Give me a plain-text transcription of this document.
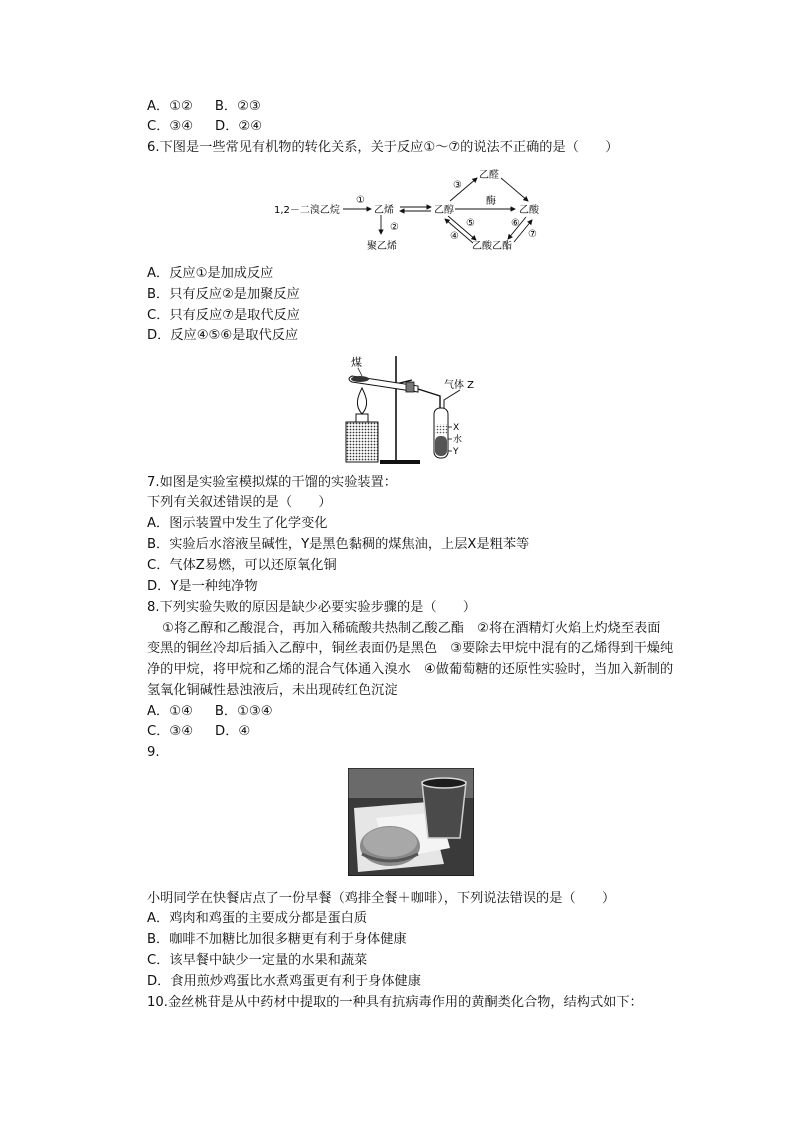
A．①② B．②③
C．③④ D．②④
6.下图是一些常见有机物的转化关系，关于反应①～⑦的说法不正确的是（　　）
1,2－二溴乙烷	乙烯
聚乙烯
乙醇
乙醛
乙酸
乙酸乙酯
酶
①
②
③
④
⑤	⑥
⑦
A．反应①是加成反应
B．只有反应②是加聚反应
C．只有反应⑦是取代反应
D．反应④⑤⑥是取代反应
煤
气体 Z
X
水
Y
7.如图是实验室模拟煤的干馏的实验装置：
下列有关叙述错误的是（　　）
A．图示装置中发生了化学变化
B．实验后水溶液呈碱性，Y是黑色黏稠的煤焦油，上层X是粗苯等
C．气体Z易燃，可以还原氧化铜
D．Y是一种纯净物
8.下列实验失败的原因是缺少必要实验步骤的是（　　）
①将乙醇和乙酸混合，再加入稀硫酸共热制乙酸乙酯　②将在酒精灯火焰上灼烧至表面
变黑的铜丝冷却后插入乙醇中，铜丝表面仍是黑色　③要除去甲烷中混有的乙烯得到干燥纯
净的甲烷，将甲烷和乙烯的混合气体通入溴水　④做葡萄糖的还原性实验时，当加入新制的
氢氧化铜碱性悬浊液后，未出现砖红色沉淀
A．①④ B．①③④
C．③④ D．④
9.
小明同学在快餐店点了一份早餐（鸡排全餐＋咖啡），下列说法错误的是（　　）
A．鸡肉和鸡蛋的主要成分都是蛋白质
B．咖啡不加糖比加很多糖更有利于身体健康
C．该早餐中缺少一定量的水果和蔬菜
D．食用煎炒鸡蛋比水煮鸡蛋更有利于身体健康
10.金丝桃苷是从中药材中提取的一种具有抗病毒作用的黄酮类化合物，结构式如下：
